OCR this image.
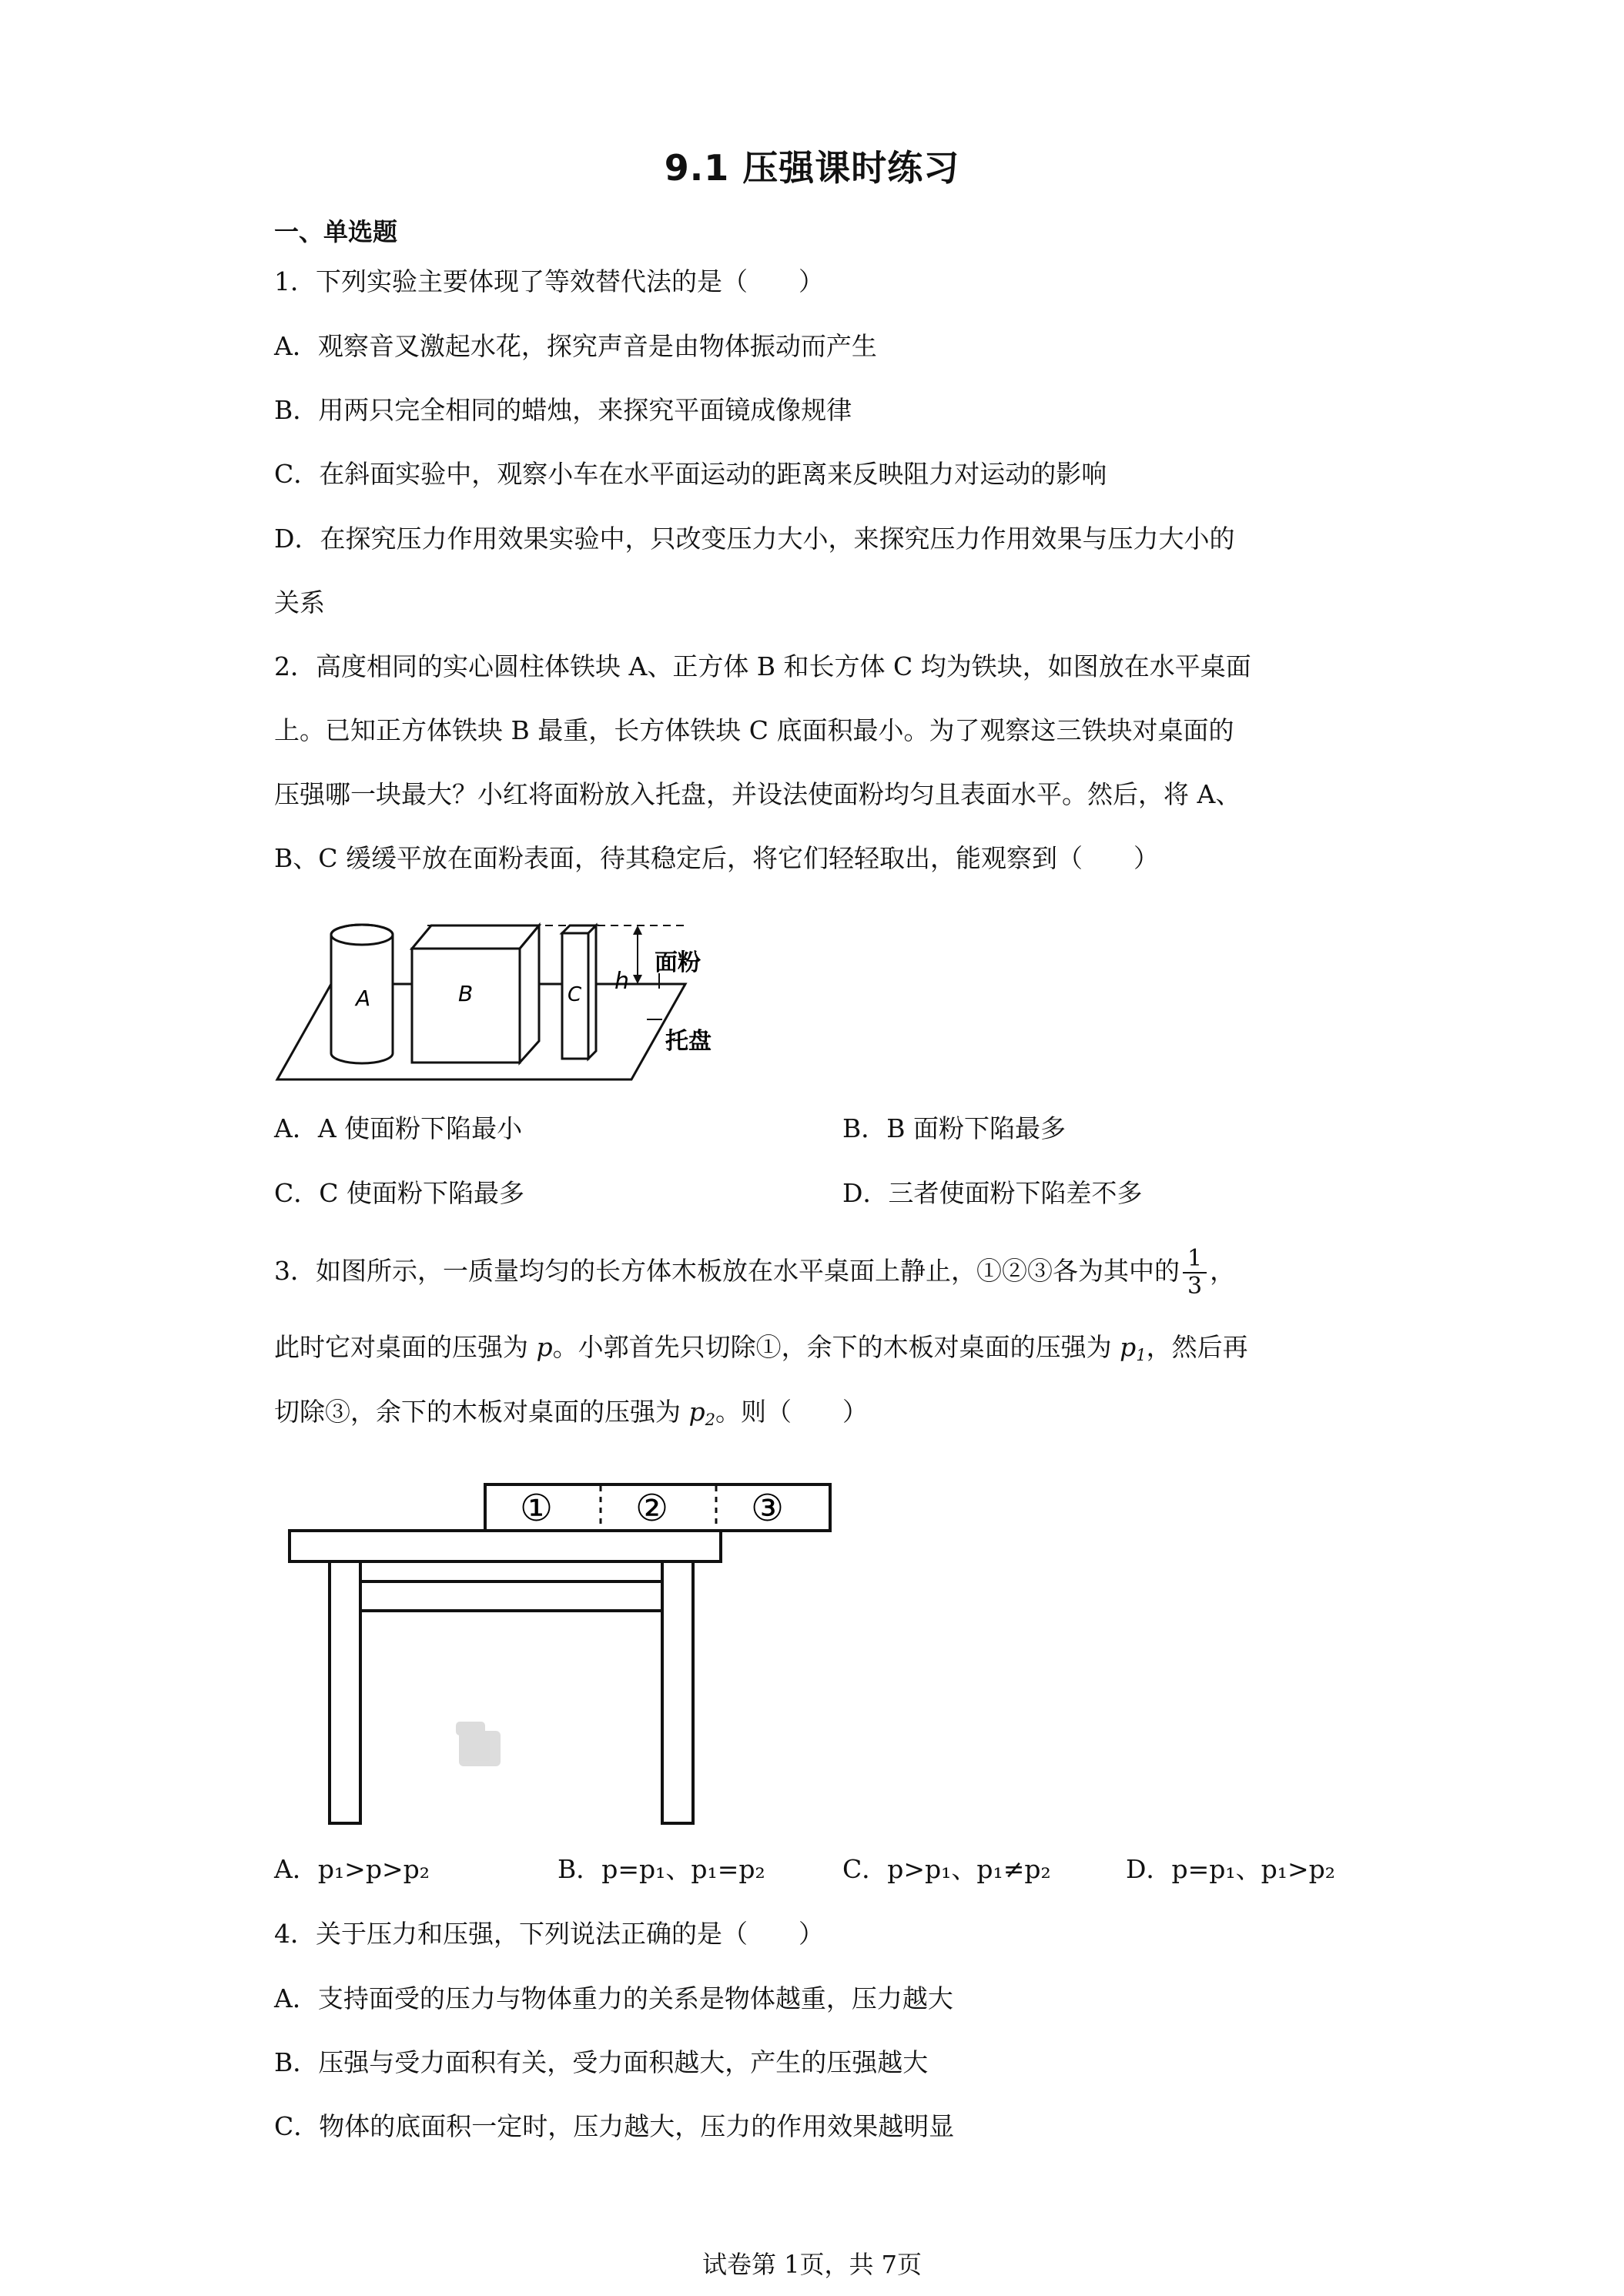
9.1 压强课时练习
一、单选题
1．下列实验主要体现了等效替代法的是（　　）
A．观察音叉激起水花，探究声音是由物体振动而产生
B．用两只完全相同的蜡烛，来探究平面镜成像规律
C．在斜面实验中，观察小车在水平面运动的距离来反映阻力对运动的影响
D．在探究压力作用效果实验中，只改变压力大小，来探究压力作用效果与压力大小的
关系
2．高度相同的实心圆柱体铁块 A、正方体 B 和长方体 C 均为铁块，如图放在水平桌面
上。已知正方体铁块 B 最重，长方体铁块 C 底面积最小。为了观察这三铁块对桌面的
压强哪一块最大？小红将面粉放入托盘，并设法使面粉均匀且表面水平。然后，将 A、
B、C 缓缓平放在面粉表面，待其稳定后，将它们轻轻取出，能观察到（　　）
A	B	C h
面粉
托盘
A．A 使面粉下陷最小	B．B 面粉下陷最多
C．C 使面粉下陷最多	D．三者使面粉下陷差不多
3．如图所示，一质量均匀的长方体木板放在水平桌面上静止，①②③各为其中的 $\frac{1}{3}$ ，
此时它对桌面的压强为 p。小郭首先只切除①，余下的木板对桌面的压强为 $p_1$，然后再
切除③，余下的木板对桌面的压强为 $p_2$。则（　　）
① ② ③
A．p₁>p>p₂	B．p=p₁、p₁=p₂	C．p>p₁、p₁≠p₂	D．p=p₁、p₁>p₂
4．关于压力和压强，下列说法正确的是（　　）
A．支持面受的压力与物体重力的关系是物体越重，压力越大
B．压强与受力面积有关，受力面积越大，产生的压强越大
C．物体的底面积一定时，压力越大，压力的作用效果越明显
试卷第 1页，共 7页
